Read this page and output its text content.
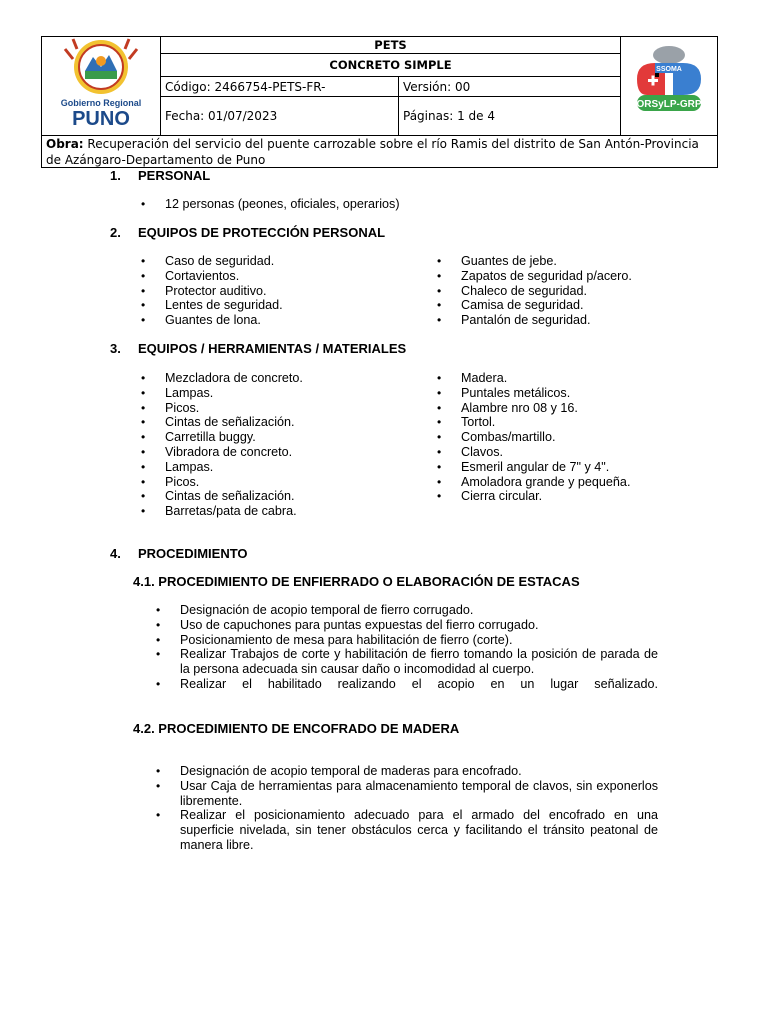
Gobierno Regional
PUNO
PETS
CONCRETO SIMPLE
Código: 2466754-PETS-FR-	Versión: 00
Fecha: 01/07/2023	Páginas: 1 de 4
SSOMA
ORSyLP-GRP
Obra: Recuperación del servicio del puente carrozable sobre el río Ramis del distrito de San Antón-Provincia de Azángaro-Departamento de Puno
1. PERSONAL
• 12 personas (peones, oficiales, operarios)
2. EQUIPOS DE PROTECCIÓN PERSONAL
• Caso de seguridad.
• Cortavientos.
• Protector auditivo.
• Lentes de seguridad.
• Guantes de lona.
• Guantes de jebe.
• Zapatos de seguridad p/acero.
• Chaleco de seguridad.
• Camisa de seguridad.
• Pantalón de seguridad.
3. EQUIPOS / HERRAMIENTAS / MATERIALES
• Mezcladora de concreto.
• Lampas.
• Picos.
• Cintas de señalización.
• Carretilla buggy.
• Vibradora de concreto.
• Lampas.
• Picos.
• Cintas de señalización.
• Barretas/pata de cabra.
• Madera.
• Puntales metálicos.
• Alambre nro 08 y 16.
• Tortol.
• Combas/martillo.
• Clavos.
• Esmeril angular de 7" y 4".
• Amoladora grande y pequeña.
• Cierra circular.
4. PROCEDIMIENTO
4.1. PROCEDIMIENTO DE ENFIERRADO O ELABORACIÓN DE ESTACAS
• Designación de acopio temporal de fierro corrugado.
• Uso de capuchones para puntas expuestas del fierro corrugado.
• Posicionamiento de mesa para habilitación de fierro (corte).
• Realizar Trabajos de corte y habilitación de fierro tomando la posición de parada de la persona adecuada sin causar daño o incomodidad al cuerpo.
• Realizar el habilitado realizando el acopio en un lugar señalizado.
4.2. PROCEDIMIENTO DE ENCOFRADO DE MADERA
• Designación de acopio temporal de maderas para encofrado.
• Usar Caja de herramientas para almacenamiento temporal de clavos, sin exponerlos libremente.
• Realizar el posicionamiento adecuado para el armado del encofrado en una superficie nivelada, sin tener obstáculos cerca y facilitando el tránsito peatonal de manera libre.
